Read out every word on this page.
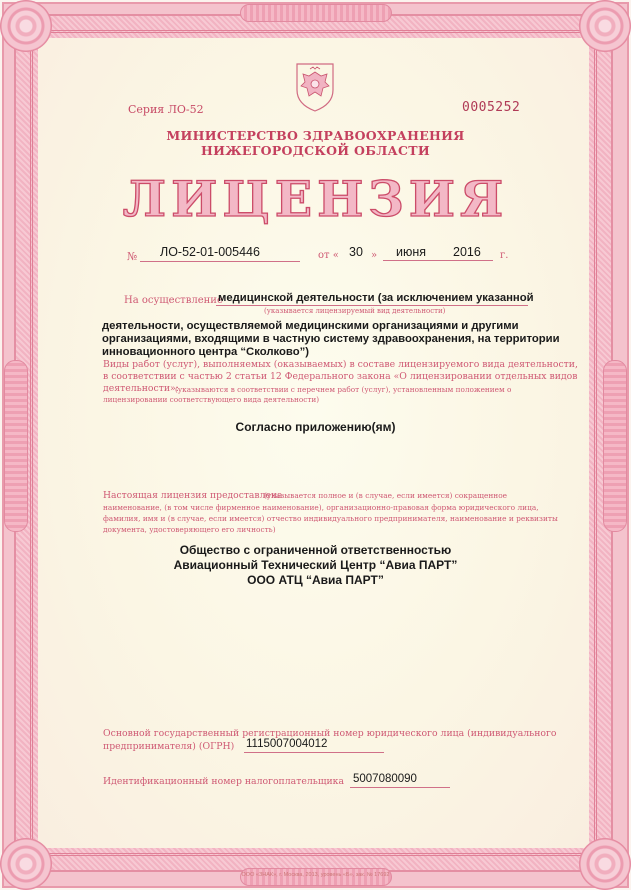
Серия ЛО-52	0005252
МИНИСТЕРСТВО ЗДРАВООХРАНЕНИЯ
НИЖЕГОРОДСКОЙ ОБЛАСТИ
ЛИЦЕНЗИЯ
№ ЛО-52-01-005446	от « 30 » июня 2016 г.
На осуществление
медицинской деятельности (за исключением указанной
(указывается лицензируемый вид деятельности)
деятельности, осуществляемой медицинскими организациями и другими
организациями, входящими в частную систему здравоохранения, на территории
инновационного центра “Сколково”)
Виды работ (услуг), выполняемых (оказываемых) в составе лицензируемого вида деятельности,
в соответствии с частью 2 статьи 12 Федерального закона «О лицензировании отдельных видов
деятельности»:
(указываются в соответствии с перечнем работ (услуг), установленным положением о
лицензировании соответствующего вида деятельности)
Согласно приложению(ям)
Настоящая лицензия предоставлена
(указывается полное и (в случае, если имеется) сокращенное
наименование, (в том числе фирменное наименование), организационно-правовая форма юридического лица,
фамилия, имя и (в случае, если имеется) отчество индивидуального предпринимателя, наименование и реквизиты
документа, удостоверяющего его личность)
Общество с ограниченной ответственностью
Авиационный Технический Центр “Авиа ПАРТ”
ООО АТЦ “Авиа ПАРТ”
Основной государственный регистрационный номер юридического лица (индивидуального
предпринимателя) (ОГРН) 1115007004012
Идентификационный номер налогоплательщика 5007080090
ООО «ЗНАК», г. Москва, 2013, уровень «Б», зак. № 17692
